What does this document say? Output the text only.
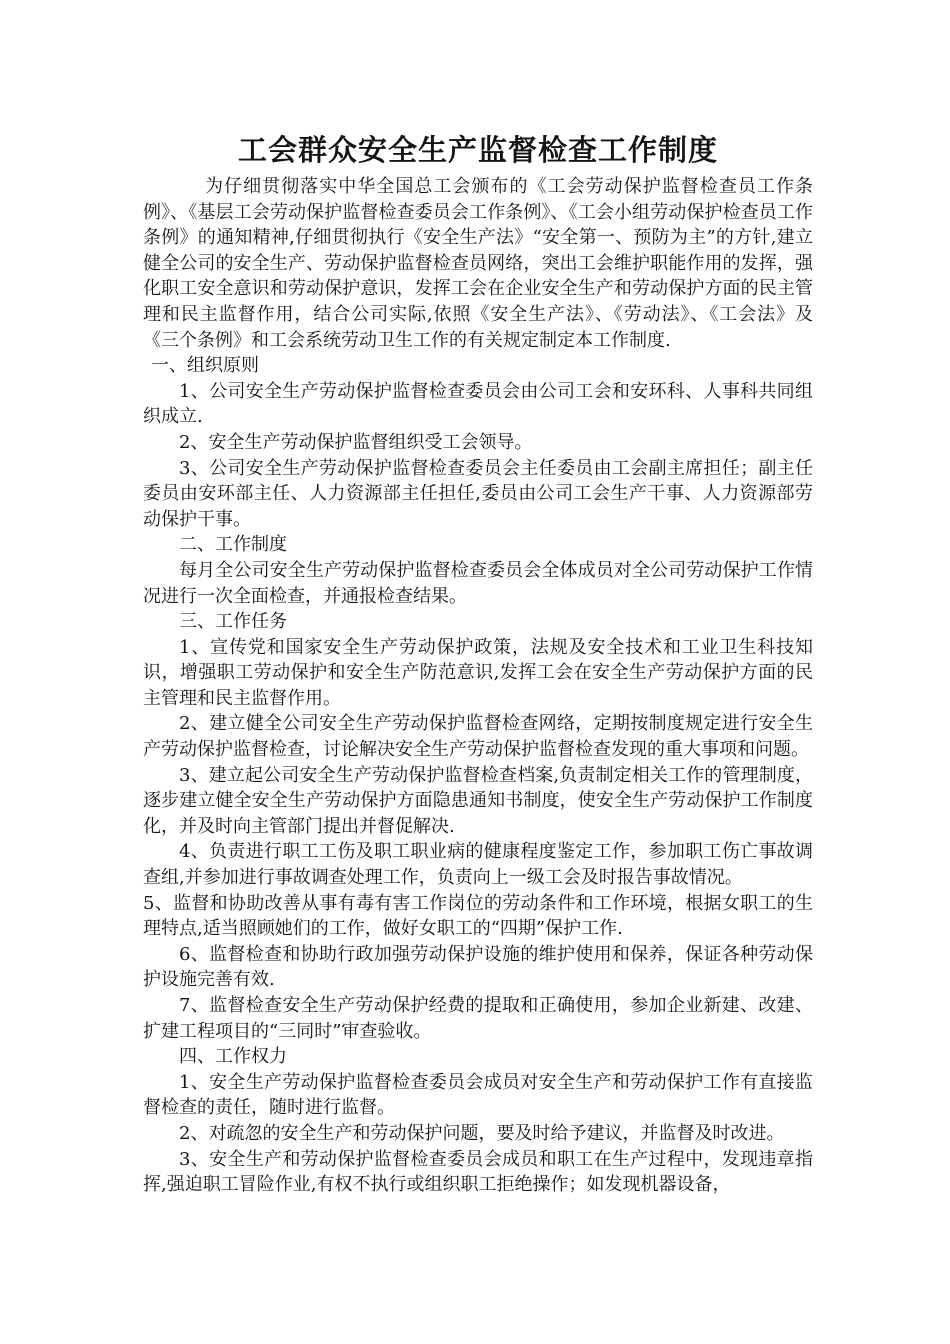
工会群众安全生产监督检查工作制度

为仔细贯彻落实中华全国总工会颁布的《工会劳动保护监督检查员工作条例》、《基层工会劳动保护监督检查委员会工作条例》、《工会小组劳动保护检查员工作条例》的通知精神,仔细贯彻执行《安全生产法》“安全第一、预防为主”的方针,建立健全公司的安全生产、劳动保护监督检查员网络，突出工会维护职能作用的发挥，强化职工安全意识和劳动保护意识，发挥工会在企业安全生产和劳动保护方面的民主管理和民主监督作用，结合公司实际,依照《安全生产法》、《劳动法》、《工会法》及《三个条例》和工会系统劳动卫生工作的有关规定制定本工作制度.

一、组织原则

1、公司安全生产劳动保护监督检查委员会由公司工会和安环科、人事科共同组织成立.

2、安全生产劳动保护监督组织受工会领导。

3、公司安全生产劳动保护监督检查委员会主任委员由工会副主席担任；副主任委员由安环部主任、人力资源部主任担任,委员由公司工会生产干事、人力资源部劳动保护干事。

二、工作制度

每月全公司安全生产劳动保护监督检查委员会全体成员对全公司劳动保护工作情况进行一次全面检查，并通报检查结果。

三、工作任务

1、宣传党和国家安全生产劳动保护政策，法规及安全技术和工业卫生科技知识，增强职工劳动保护和安全生产防范意识,发挥工会在安全生产劳动保护方面的民主管理和民主监督作用。

2、建立健全公司安全生产劳动保护监督检查网络，定期按制度规定进行安全生产劳动保护监督检查，讨论解决安全生产劳动保护监督检查发现的重大事项和问题。

3、建立起公司安全生产劳动保护监督检查档案,负责制定相关工作的管理制度，逐步建立健全安全生产劳动保护方面隐患通知书制度，使安全生产劳动保护工作制度化，并及时向主管部门提出并督促解决.

4、负责进行职工工伤及职工职业病的健康程度鉴定工作，参加职工伤亡事故调查组,并参加进行事故调查处理工作，负责向上一级工会及时报告事故情况。

5、监督和协助改善从事有毒有害工作岗位的劳动条件和工作环境，根据女职工的生理特点,适当照顾她们的工作，做好女职工的“四期”保护工作.

6、监督检查和协助行政加强劳动保护设施的维护使用和保养，保证各种劳动保护设施完善有效.

7、监督检查安全生产劳动保护经费的提取和正确使用，参加企业新建、改建、扩建工程项目的“三同时”审查验收。

四、工作权力

1、安全生产劳动保护监督检查委员会成员对安全生产和劳动保护工作有直接监督检查的责任，随时进行监督。

2、对疏忽的安全生产和劳动保护问题，要及时给予建议，并监督及时改进。

3、安全生产和劳动保护监督检查委员会成员和职工在生产过程中，发现违章指挥,强迫职工冒险作业,有权不执行或组织职工拒绝操作；如发现机器设备，
